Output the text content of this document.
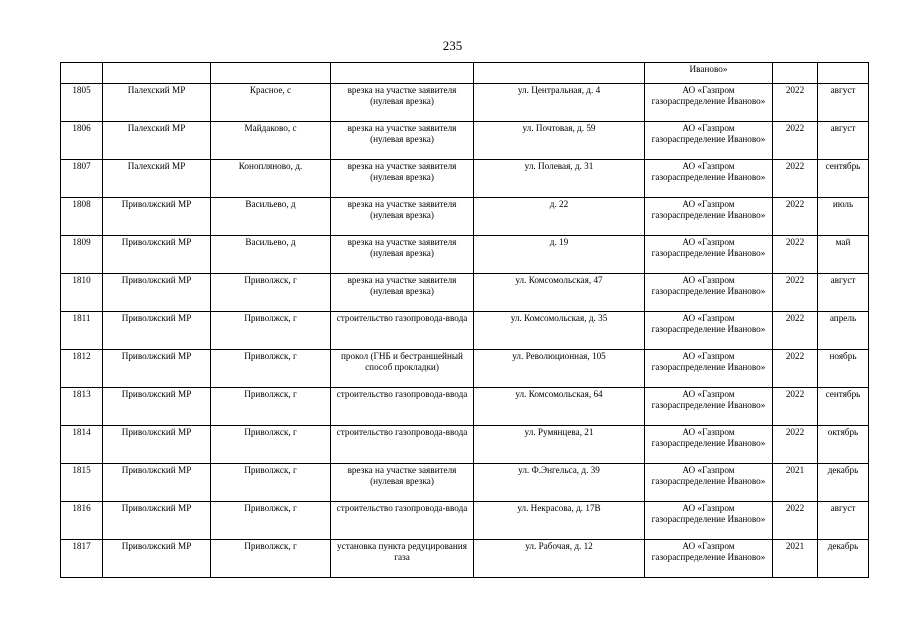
235
					Иваново»		
1805	Палехский МР	Красное, с	врезка на участке заявителя (нулевая врезка)	ул. Центральная, д. 4	АО «Газпром газораспределение Иваново»	2022	август
1806	Палехский МР	Майдаково, с	врезка на участке заявителя (нулевая врезка)	ул. Почтовая, д. 59	АО «Газпром газораспределение Иваново»	2022	август
1807	Палехский МР	Конопляново, д.	врезка на участке заявителя (нулевая врезка)	ул. Полевая, д. 31	АО «Газпром газораспределение Иваново»	2022	сентябрь
1808	Приволжский МР	Васильево, д	врезка на участке заявителя (нулевая врезка)	д. 22	АО «Газпром газораспределение Иваново»	2022	июль
1809	Приволжский МР	Васильево, д	врезка на участке заявителя (нулевая врезка)	д. 19	АО «Газпром газораспределение Иваново»	2022	май
1810	Приволжский МР	Приволжск, г	врезка на участке заявителя (нулевая врезка)	ул. Комсомольская, 47	АО «Газпром газораспределение Иваново»	2022	август
1811	Приволжский МР	Приволжск, г	строительство газопровода-ввода	ул. Комсомольская, д. 35	АО «Газпром газораспределение Иваново»	2022	апрель
1812	Приволжский МР	Приволжск, г	прокол (ГНБ и бестраншейный способ прокладки)	ул. Революционная, 105	АО «Газпром газораспределение Иваново»	2022	ноябрь
1813	Приволжский МР	Приволжск, г	строительство газопровода-ввода	ул. Комсомольская, 64	АО «Газпром газораспределение Иваново»	2022	сентябрь
1814	Приволжский МР	Приволжск, г	строительство газопровода-ввода	ул. Румянцева, 21	АО «Газпром газораспределение Иваново»	2022	октябрь
1815	Приволжский МР	Приволжск, г	врезка на участке заявителя (нулевая врезка)	ул. Ф.Энгельса, д. 39	АО «Газпром газораспределение Иваново»	2021	декабрь
1816	Приволжский МР	Приволжск, г	строительство газопровода-ввода	ул. Некрасова, д. 17В	АО «Газпром газораспределение Иваново»	2022	август
1817	Приволжский МР	Приволжск, г	установка пункта редуцирования газа	ул. Рабочая, д. 12	АО «Газпром газораспределение Иваново»	2021	декабрь
